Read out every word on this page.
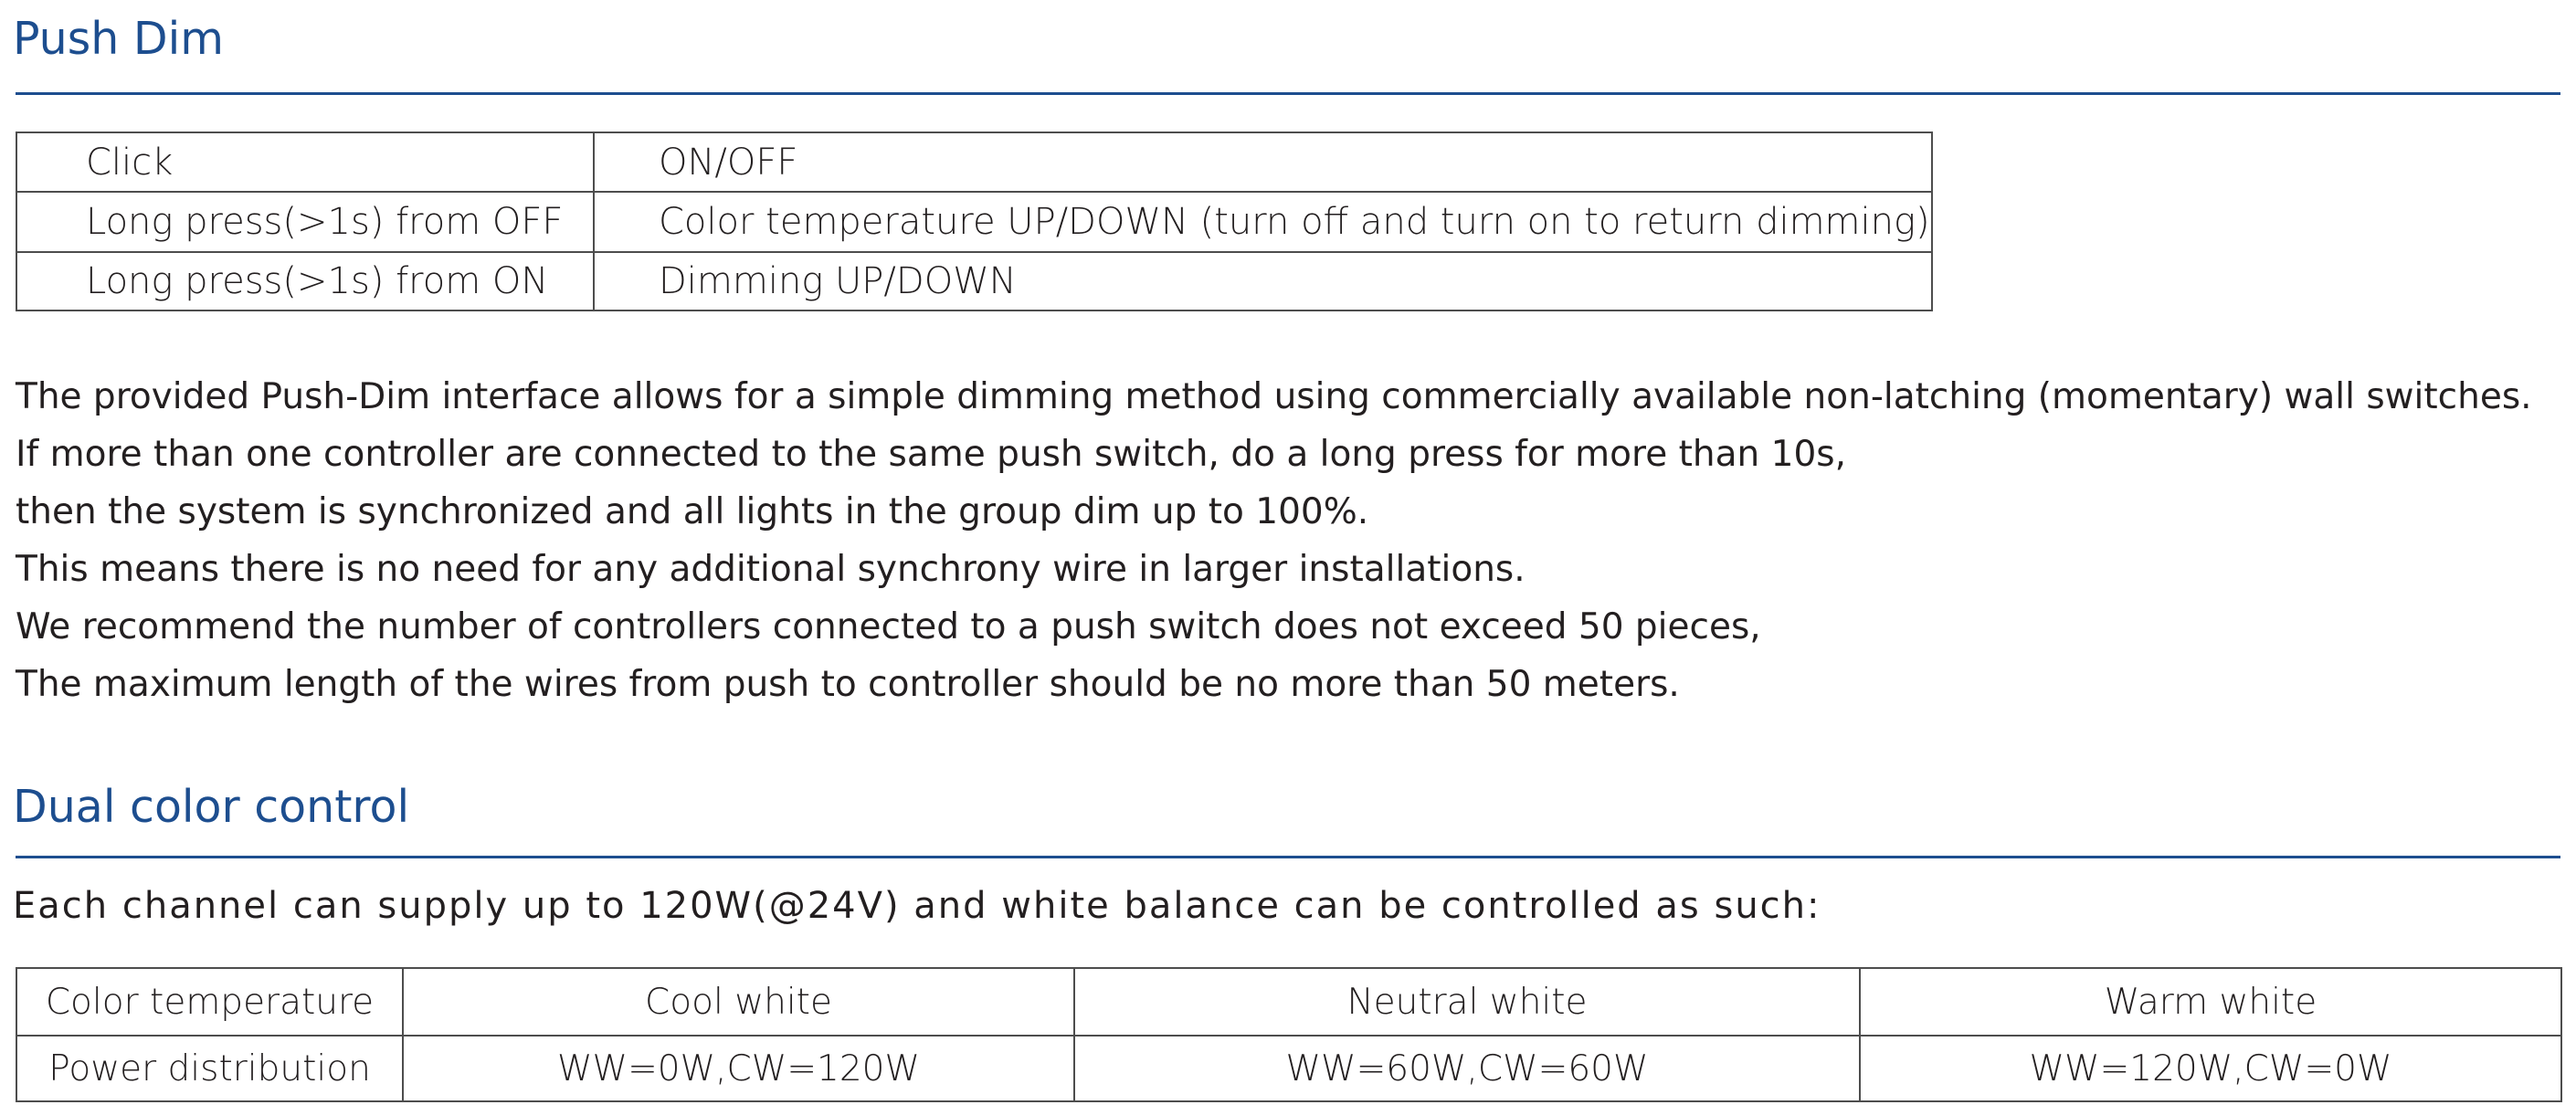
Push Dim
Click	ON/OFF
Long press(>1s) from OFF	Color temperature UP/DOWN (turn off and turn on to return dimming)
Long press(>1s) from ON	Dimming UP/DOWN
The provided Push-Dim interface allows for a simple dimming method using commercially available non-latching (momentary) wall switches.
If more than one controller are connected to the same push switch, do a long press for more than 10s,
then the system is synchronized and all lights in the group dim up to 100%.
This means there is no need for any additional synchrony wire in larger installations.
We recommend the number of controllers connected to a push switch does not exceed 50 pieces,
The maximum length of the wires from push to controller should be no more than 50 meters.
Dual color control
Each channel can supply up to 120W(@24V) and white balance can be controlled as such:
Color temperature	Cool white	Neutral white	Warm white
Power distribution	WW=0W,CW=120W	WW=60W,CW=60W	WW=120W,CW=0W
